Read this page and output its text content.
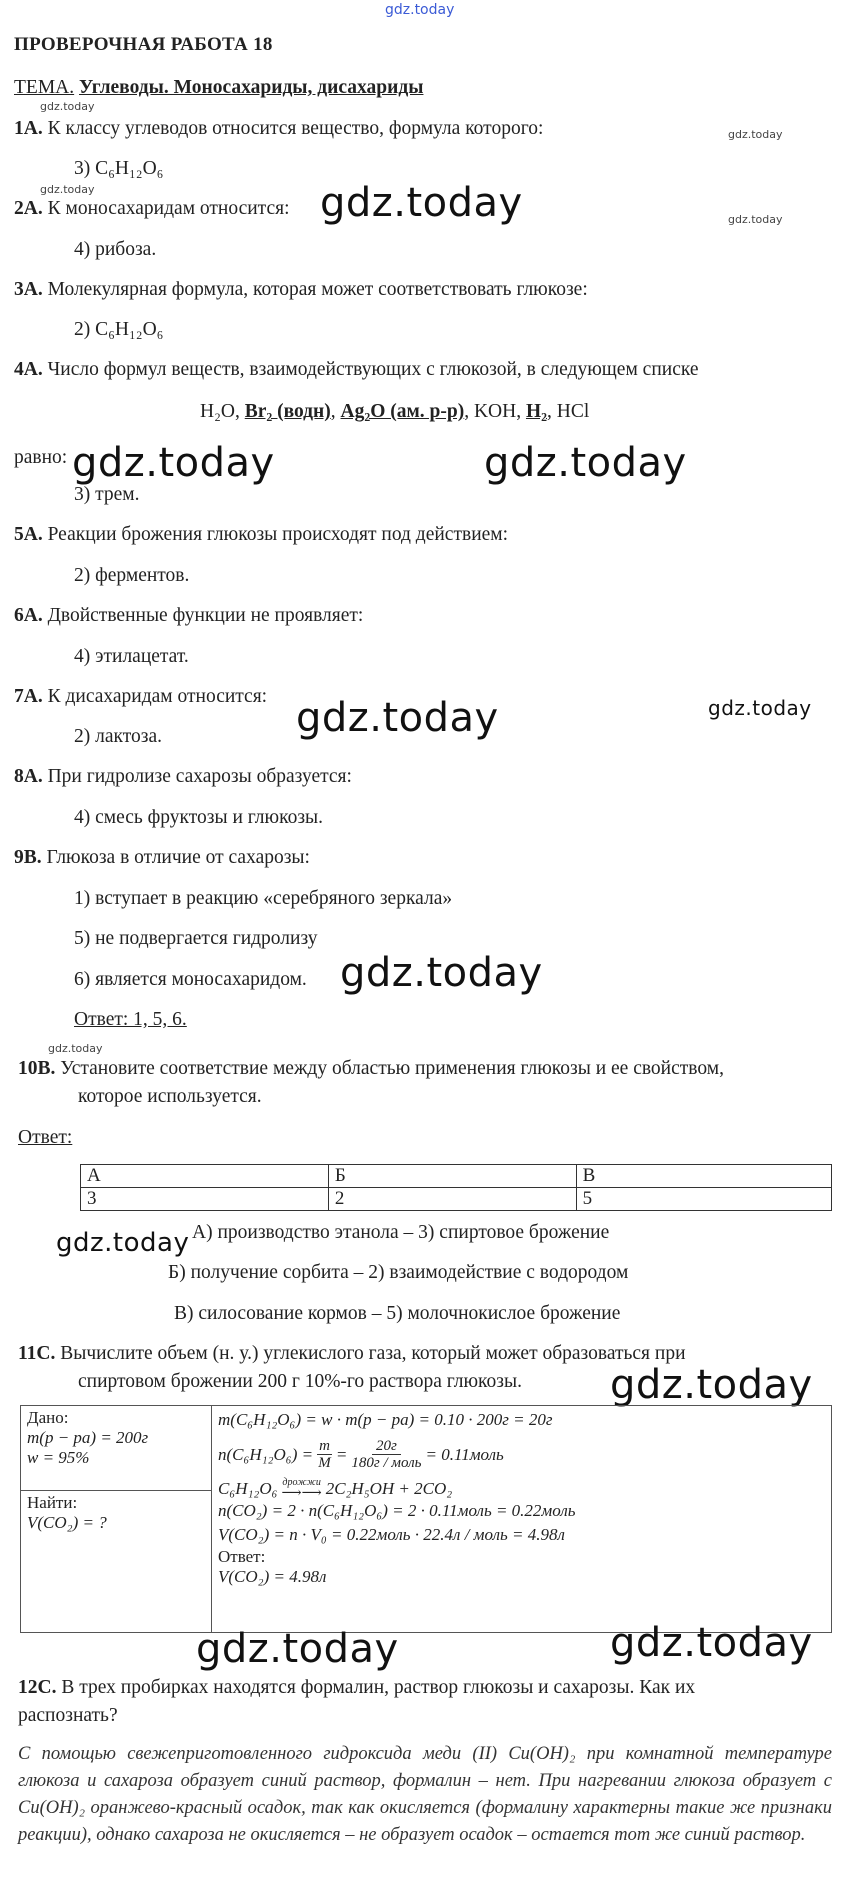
gdz.today
ПРОВЕРОЧНАЯ РАБОТА 18
ТЕМА. Углеводы. Моносахариды, дисахариды
gdz.today
gdz.today
gdz.today
gdz.today
gdz.today
1А. К классу углеводов относится вещество, формула которого:
3) C₆H₁₂O₆
2А. К моносахаридам относится: gdz.today
4) рибоза.
3А. Молекулярная формула, которая может соответствовать глюкозе:
2) C₆H₁₂O₆
4А. Число формул веществ, взаимодействующих с глюкозой, в следующем списке
H₂O, Br₂ (водн), Ag₂O (ам. р-р), KOH, H₂, HCl
равно: gdz.today	gdz.today
3) трем.
5А. Реакции брожения глюкозы происходят под действием:
2) ферментов.
6А. Двойственные функции не проявляет:
4) этилацетат.
7А. К дисахаридам относится: gdz.today	gdz.today
2) лактоза.
8А. При гидролизе сахарозы образуется:
4) смесь фруктозы и глюкозы.
9В. Глюкоза в отличие от сахарозы:
1) вступает в реакцию «серебряного зеркала»
5) не подвергается гидролизу
6) является моносахаридом. gdz.today
Ответ: 1, 5, 6.
10В. Установите соответствие между областью применения глюкозы и ее свойством,
которое используется.
Ответ:
А	Б	В
3	2	5
gdz.today А) производство этанола – 3) спиртовое брожение
Б) получение сорбита – 2) взаимодействие с водородом
В) силосование кормов – 5) молочнокислое брожение
11С. Вычислите объем (н. у.) углекислого газа, который может образоваться при
спиртовом брожении 200 г 10%-го раствора глюкозы. gdz.today
Дано:
m(p − pa) = 200г
w = 95%

m(C₆H₁₂O₆) = w · m(p − pa) = 0.10 · 200г = 20г
$n(C_6H_{12}O_6) = \frac{m}{M} = 20г$
180г / моль = 0.11моль
C₆H₁₂O₆ дрожжи
⟶⟶ 2C₂H₅OH + 2CO₂
n(CO₂) = 2 · n(C₆H₁₂O₆) = 2 · 0.11моль = 0.22моль
V(CO₂) = n · V₀ = 0.22моль · 22.4л / моль = 4.98л
Ответ:
V(CO₂) = 4.98л

Найти:
V(CO₂) = ?
gdz.today	gdz.today
12С. В трех пробирках находятся формалин, раствор глюкозы и сахарозы. Как их
распознать?
С помощью свежеприготовленного гидроксида меди (II) Cu(OH)₂ при комнатной температуре глюкоза и сахароза образует синий раствор, формалин – нет. При нагревании глюкоза образует с Cu(OH)₂ оранжево-красный осадок, так как окисляется (формалину характерны такие же признаки реакции), однако сахароза не окисляется – не образует осадок – остается тот же синий раствор.
